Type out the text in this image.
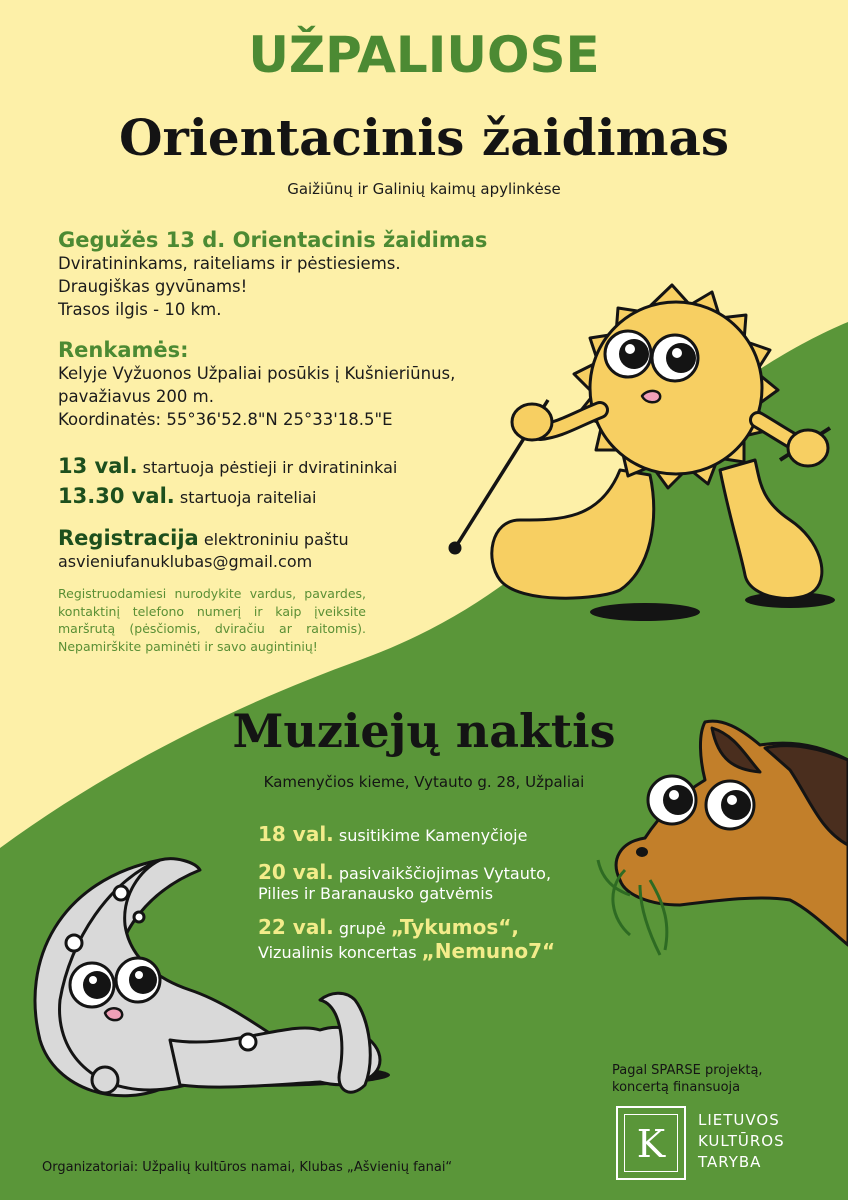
UŽPALIUOSE
Orientacinis žaidimas
Gaižiūnų ir Galinių kaimų apylinkėse
Gegužės 13 d. Orientacinis žaidimas
Dviratininkams, raiteliams ir pėstiesiems.
Draugiškas gyvūnams!
Trasos ilgis - 10 km.
Renkamės:
Kelyje Vyžuonos Užpaliai posūkis į Kušnieriūnus,
pavažiavus 200 m.
Koordinatės: 55°36'52.8"N 25°33'18.5"E
13 val. startuoja pėstieji ir dviratininkai
13.30 val. startuoja raiteliai
Registracija elektroniniu paštu
asvieniufanuklubas@gmail.com
Registruodamiesi nurodykite vardus, pavardes, kontaktinį telefono numerį ir kaip įveiksite maršrutą (pėsčiomis, dviračiu ar raitomis). Nepamirškite paminėti ir savo augintinių!
Muziejų naktis
Kamenyčios kieme, Vytauto g. 28, Užpaliai
18 val. susitikime Kamenyčioje
20 val. pasivaikščiojimas Vytauto,
Pilies ir Baranausko gatvėmis
22 val. grupė „Tykumos“,
Vizualinis koncertas „Nemuno7“
Pagal SPARSE projektą,
koncertą finansuoja
K
LIETUVOS
KULTŪROS
TARYBA
Organizatoriai: Užpalių kultūros namai, Klubas „Ašvienių fanai“
